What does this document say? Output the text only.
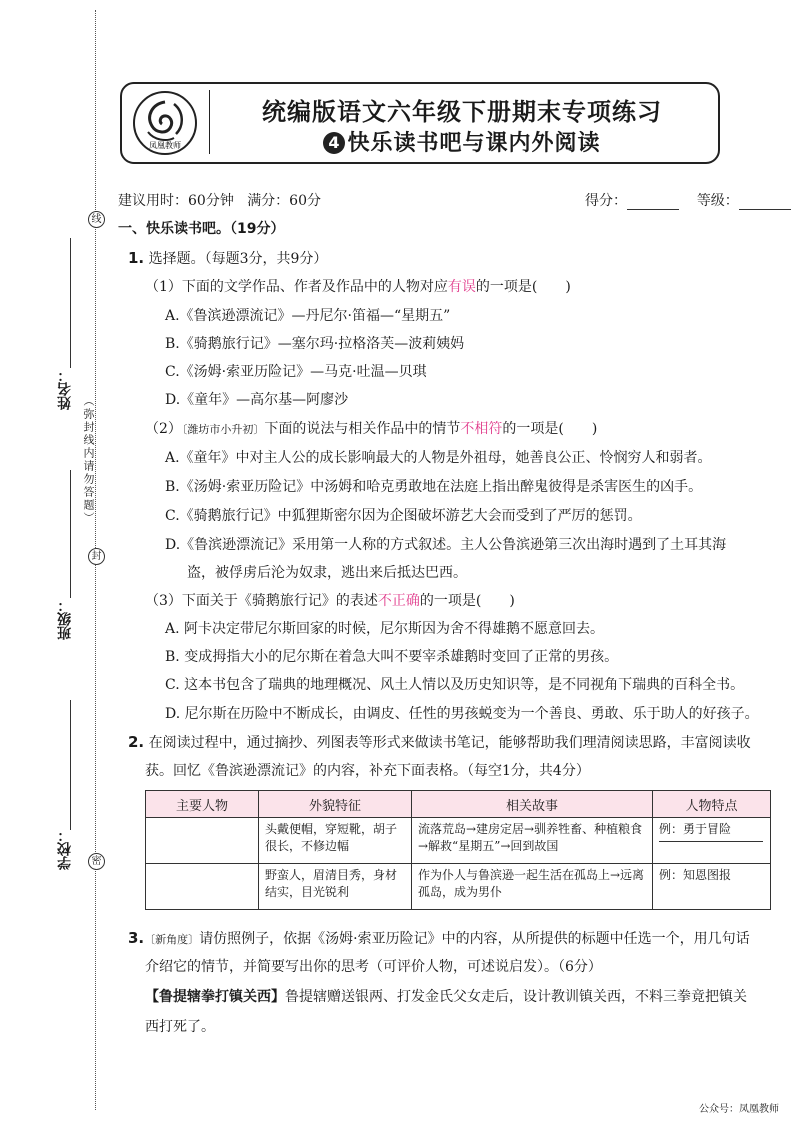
线
封
密
（弥封线内请勿答题）
姓名：
班级：
学校：
凤凰教师
统编版语文六年级下册期末专项练习
4 快乐读书吧与课内外阅读
建议用时：60分钟 满分：60分	得分：	等级：
一、快乐读书吧。（19分）
1. 选择题。（每题3分，共9分）
（1）下面的文学作品、作者及作品中的人物对应有误的一项是(　　)
A.《鲁滨逊漂流记》—丹尼尔·笛福—“星期五”
B.《骑鹅旅行记》—塞尔玛·拉格洛芙—波莉姨妈
C.《汤姆·索亚历险记》—马克·吐温—贝琪
D.《童年》—高尔基—阿廖沙
（2）〔潍坊市小升初〕下面的说法与相关作品中的情节不相符的一项是(　　)
A.《童年》中对主人公的成长影响最大的人物是外祖母，她善良公正、怜悯穷人和弱者。
B.《汤姆·索亚历险记》中汤姆和哈克勇敢地在法庭上指出醉鬼彼得是杀害医生的凶手。
C.《骑鹅旅行记》中狐狸斯密尔因为企图破坏游艺大会而受到了严厉的惩罚。
D.《鲁滨逊漂流记》采用第一人称的方式叙述。主人公鲁滨逊第三次出海时遇到了土耳其海
盗，被俘虏后沦为奴隶，逃出来后抵达巴西。
（3）下面关于《骑鹅旅行记》的表述不正确的一项是(　　)
A. 阿卡决定带尼尔斯回家的时候，尼尔斯因为舍不得雄鹅不愿意回去。
B. 变成拇指大小的尼尔斯在着急大叫不要宰杀雄鹅时变回了正常的男孩。
C. 这本书包含了瑞典的地理概况、风土人情以及历史知识等，是不同视角下瑞典的百科全书。
D. 尼尔斯在历险中不断成长，由调皮、任性的男孩蜕变为一个善良、勇敢、乐于助人的好孩子。
2. 在阅读过程中，通过摘抄、列图表等形式来做读书笔记，能够帮助我们理清阅读思路，丰富阅读收
获。回忆《鲁滨逊漂流记》的内容，补充下面表格。（每空1分，共4分）
主要人物	外貌特征	相关故事	人物特点
	头戴便帽，穿短靴，胡子很长，不修边幅	流落荒岛→建房定居→驯养牲畜、种植粮食→解救“星期五”→回到故国	例：勇于冒险

	野蛮人，眉清目秀，身材结实，目光锐利	作为仆人与鲁滨逊一起生活在孤岛上→远离孤岛，成为男仆	例：知恩图报
3.〔新角度〕请仿照例子，依据《汤姆·索亚历险记》中的内容，从所提供的标题中任选一个，用几句话
介绍它的情节，并简要写出你的思考（可评价人物，可述说启发）。（6分）
【鲁提辖拳打镇关西】鲁提辖赠送银两、打发金氏父女走后，设计教训镇关西，不料三拳竟把镇关
西打死了。
公众号：凤凰教师
